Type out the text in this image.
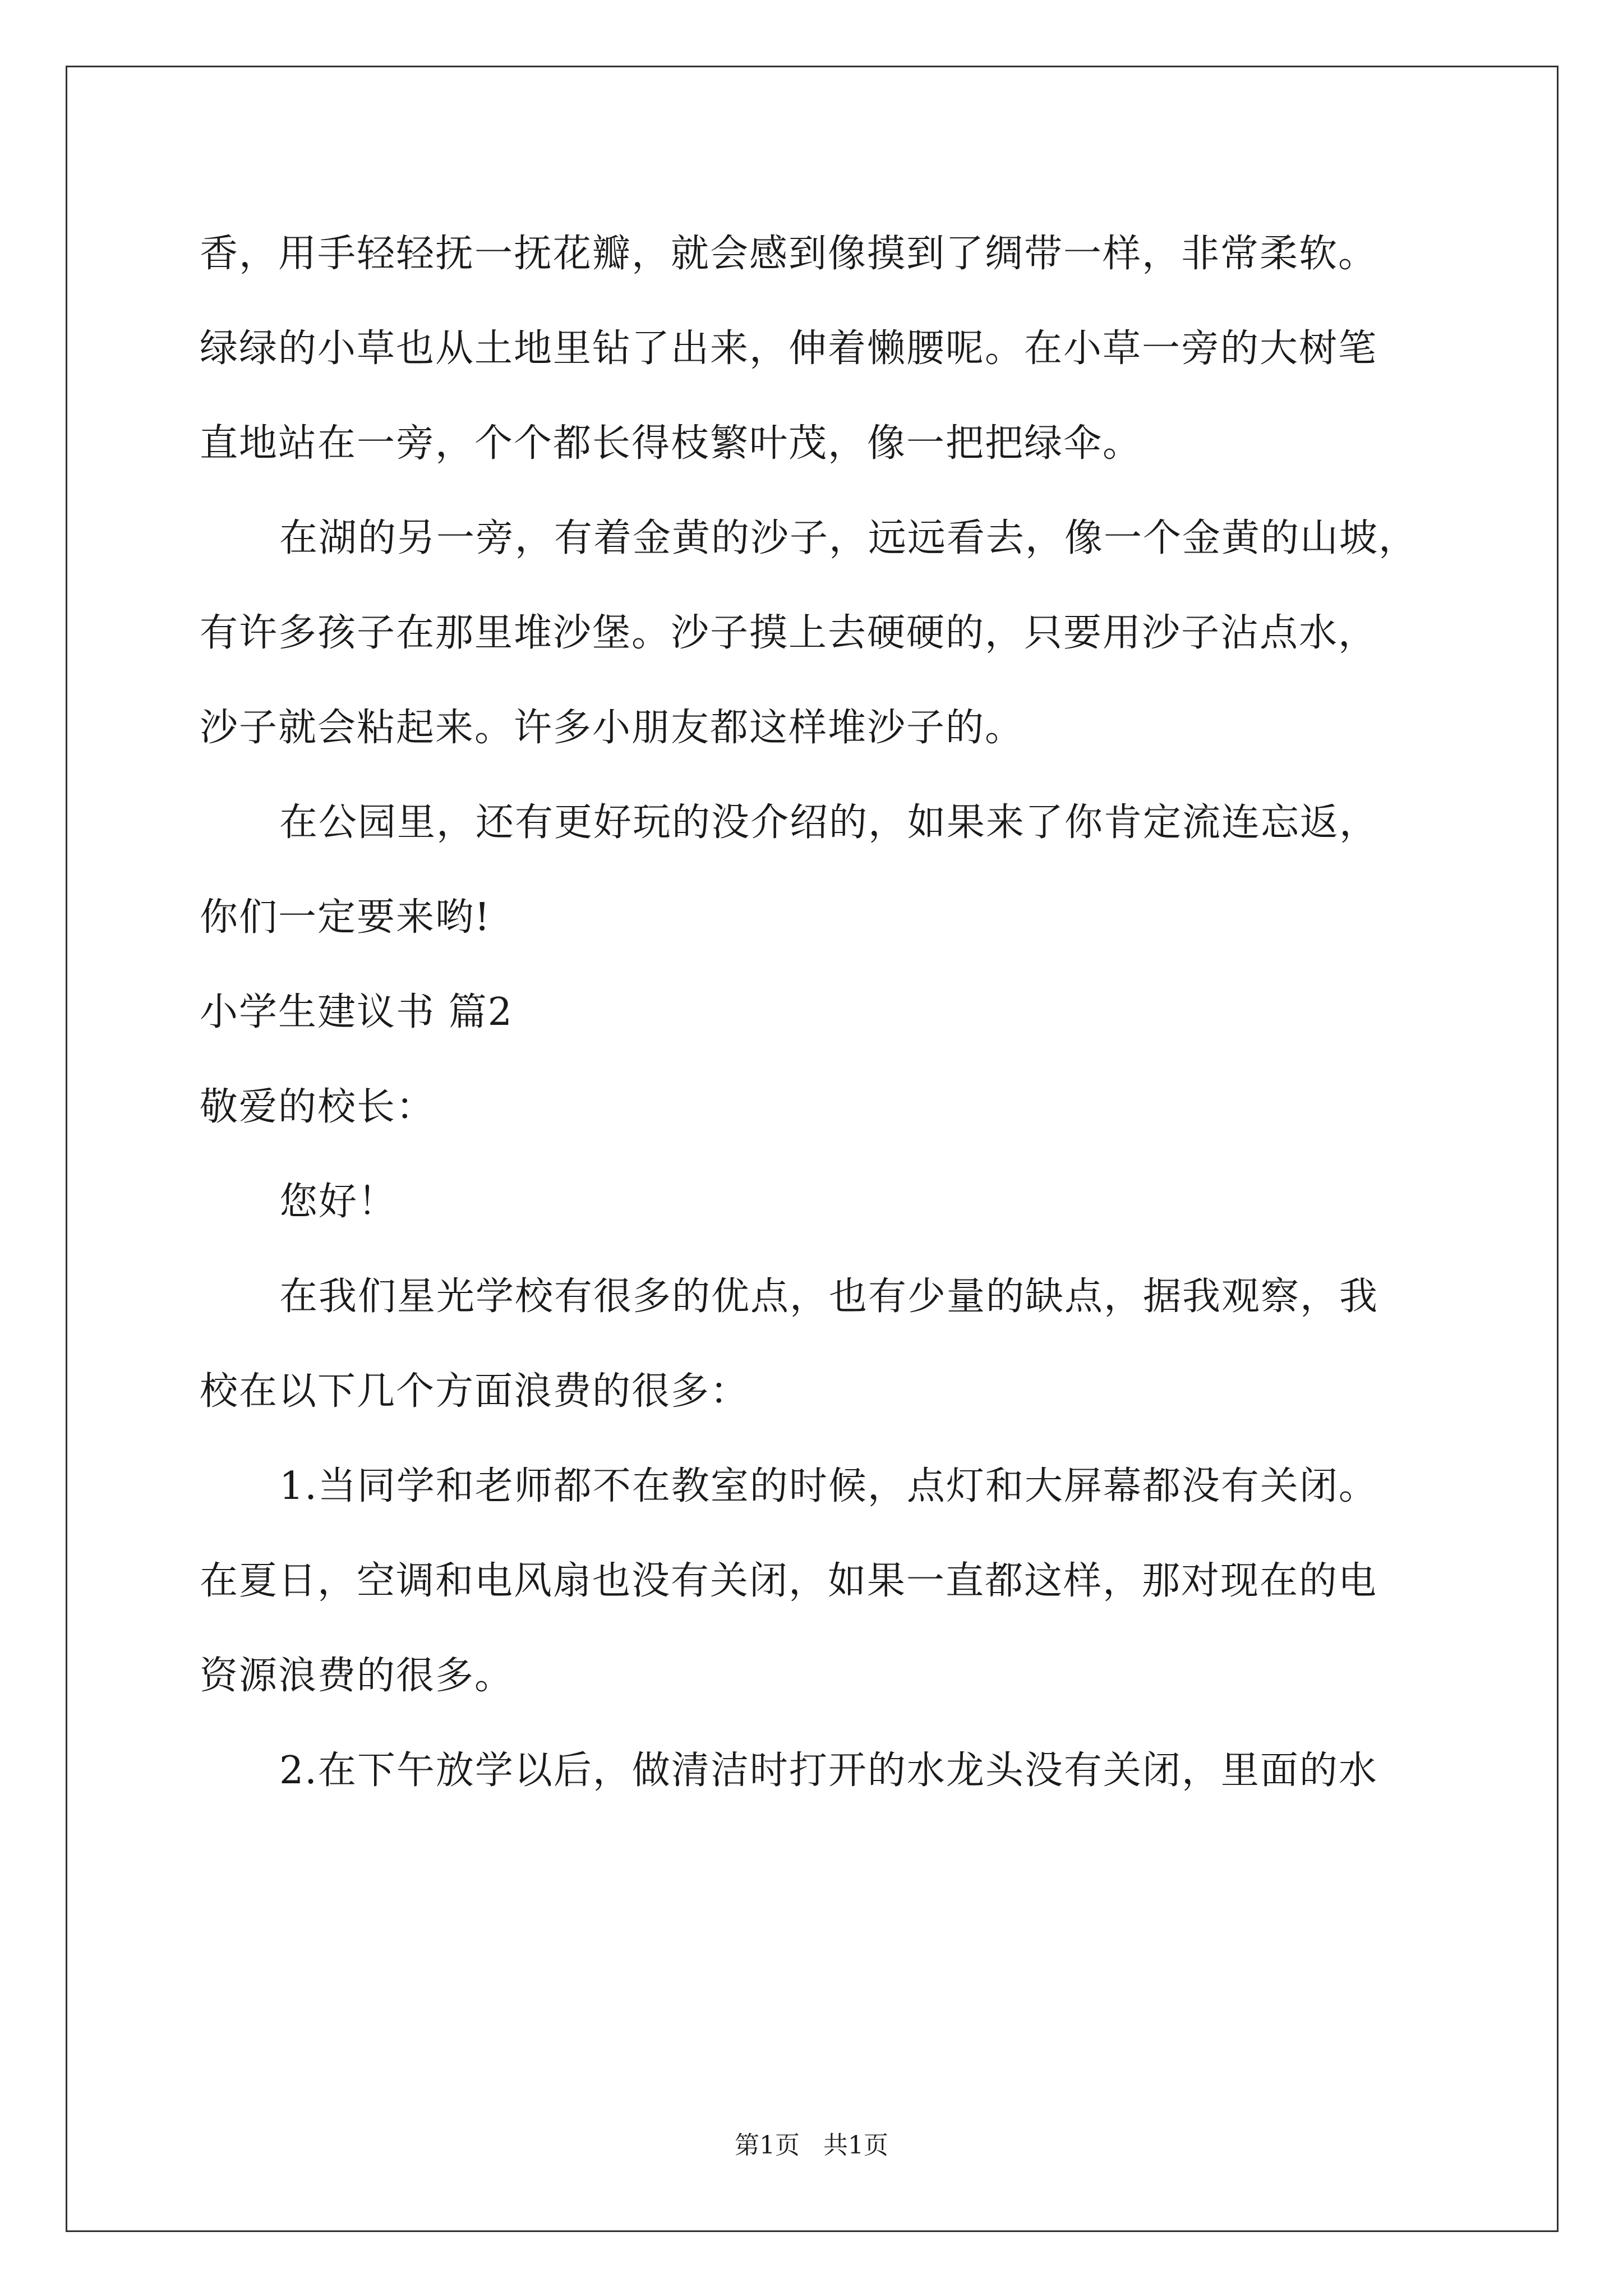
香，用手轻轻抚一抚花瓣，就会感到像摸到了绸带一样，非常柔软。
绿绿的小草也从土地里钻了出来，伸着懒腰呢。在小草一旁的大树笔
直地站在一旁，个个都长得枝繁叶茂，像一把把绿伞。
在湖的另一旁，有着金黄的沙子，远远看去，像一个金黄的山坡，
有许多孩子在那里堆沙堡。沙子摸上去硬硬的，只要用沙子沾点水，
沙子就会粘起来。许多小朋友都这样堆沙子的。
在公园里，还有更好玩的没介绍的，如果来了你肯定流连忘返，
你们一定要来哟!
小学生建议书 篇2
敬爱的校长：
您好！
在我们星光学校有很多的优点，也有少量的缺点，据我观察，我
校在以下几个方面浪费的很多：
1.当同学和老师都不在教室的时候，点灯和大屏幕都没有关闭。
在夏日，空调和电风扇也没有关闭，如果一直都这样，那对现在的电
资源浪费的很多。
2.在下午放学以后，做清洁时打开的水龙头没有关闭，里面的水
第1页   共1页
